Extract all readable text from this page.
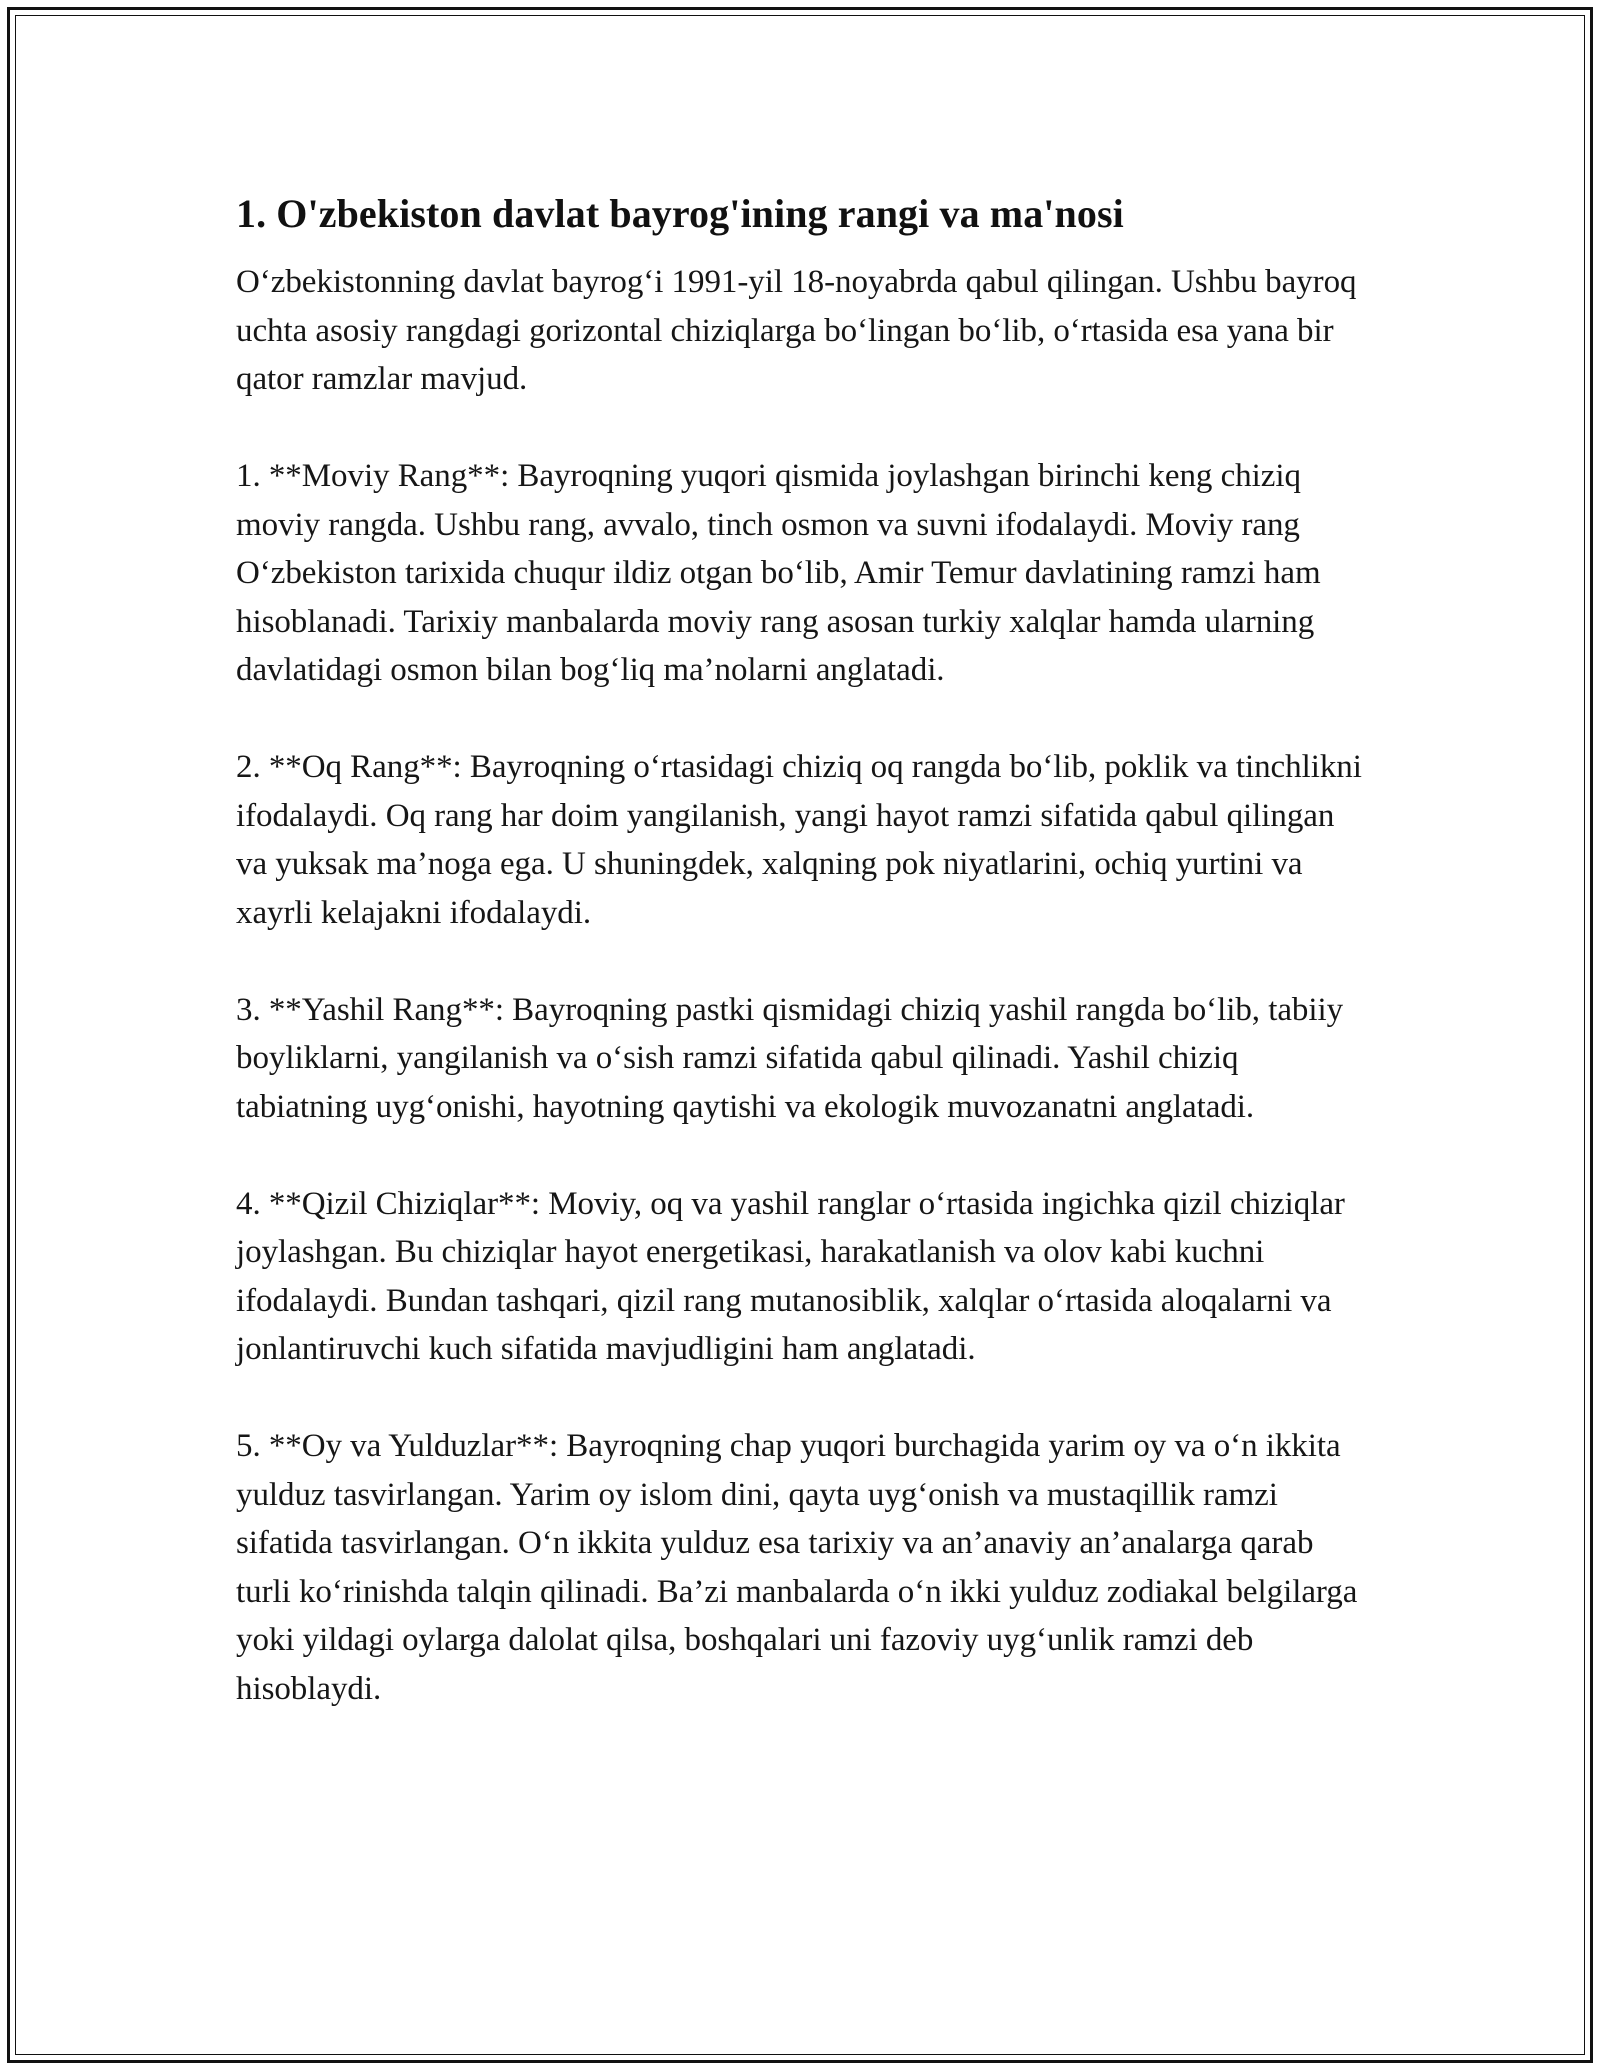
1. O'zbekiston davlat bayrog'ining rangi va ma'nosi

O‘zbekistonning davlat bayrog‘i 1991-yil 18-noyabrda qabul qilingan. Ushbu bayroq uchta asosiy rangdagi gorizontal chiziqlarga bo‘lingan bo‘lib, o‘rtasida esa yana bir qator ramzlar mavjud.

1. **Moviy Rang**: Bayroqning yuqori qismida joylashgan birinchi keng chiziq moviy rangda. Ushbu rang, avvalo, tinch osmon va suvni ifodalaydi. Moviy rang O‘zbekiston tarixida chuqur ildiz otgan bo‘lib, Amir Temur davlatining ramzi ham hisoblanadi. Tarixiy manbalarda moviy rang asosan turkiy xalqlar hamda ularning davlatidagi osmon bilan bog‘liq ma’nolarni anglatadi.

2. **Oq Rang**: Bayroqning o‘rtasidagi chiziq oq rangda bo‘lib, poklik va tinchlikni ifodalaydi. Oq rang har doim yangilanish, yangi hayot ramzi sifatida qabul qilingan va yuksak ma’noga ega. U shuningdek, xalqning pok niyatlarini, ochiq yurtini va xayrli kelajakni ifodalaydi.

3. **Yashil Rang**: Bayroqning pastki qismidagi chiziq yashil rangda bo‘lib, tabiiy boyliklarni, yangilanish va o‘sish ramzi sifatida qabul qilinadi. Yashil chiziq tabiatning uyg‘onishi, hayotning qaytishi va ekologik muvozanatni anglatadi.

4. **Qizil Chiziqlar**: Moviy, oq va yashil ranglar o‘rtasida ingichka qizil chiziqlar joylashgan. Bu chiziqlar hayot energetikasi, harakatlanish va olov kabi kuchni ifodalaydi. Bundan tashqari, qizil rang mutanosiblik, xalqlar o‘rtasida aloqalarni va jonlantiruvchi kuch sifatida mavjudligini ham anglatadi.

5. **Oy va Yulduzlar**: Bayroqning chap yuqori burchagida yarim oy va o‘n ikkita yulduz tasvirlangan. Yarim oy islom dini, qayta uyg‘onish va mustaqillik ramzi sifatida tasvirlangan. O‘n ikkita yulduz esa tarixiy va an’anaviy an’analarga qarab turli ko‘rinishda talqin qilinadi. Ba’zi manbalarda o‘n ikki yulduz zodiakal belgilarga yoki yildagi oylarga dalolat qilsa, boshqalari uni fazoviy uyg‘unlik ramzi deb hisoblaydi.
